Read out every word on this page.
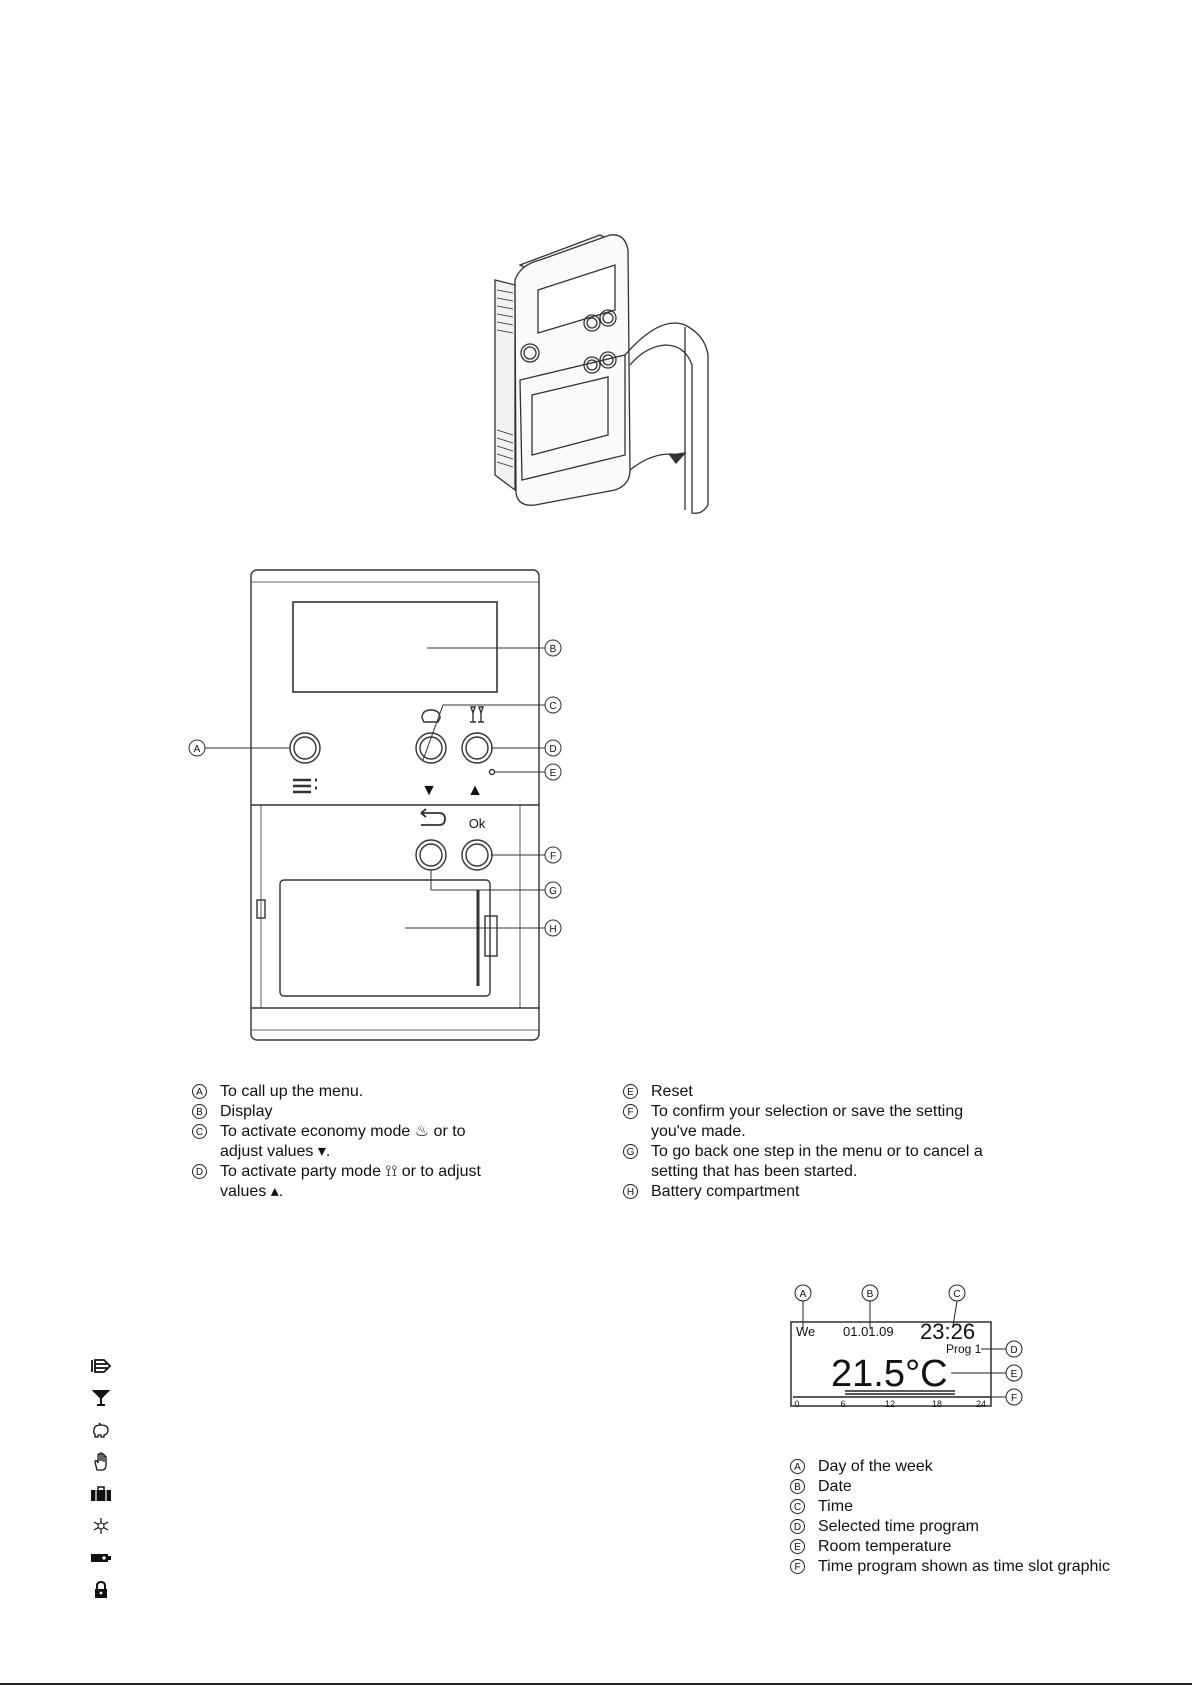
A
B
C
D
E
F
G
H
▼ ▲
Ok
A To call up the menu.
B Display
C To activate economy mode ♨ or to
adjust values ▾.
D To activate party mode ⟟⟟ or to adjust
values ▴.
E Reset
F To confirm your selection or save the setting
you've made.
G To go back one step in the menu or to cancel a
setting that has been started.
H Battery compartment
A	B	C
D
E
F
We 01.01.09 23:26
Prog 1
21.5°C
0	6	12	18	24
A Day of the week
B Date
C Time
D Selected time program
E Room temperature
F Time program shown as time slot graphic
